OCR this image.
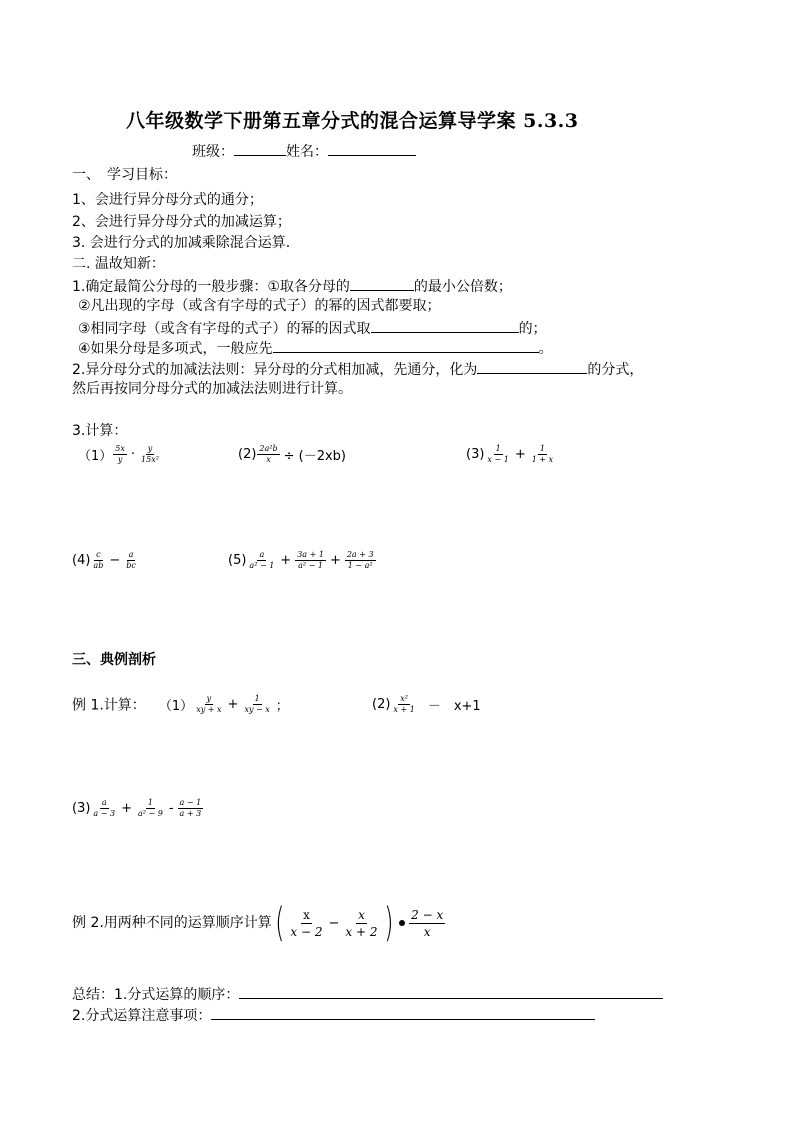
八年级数学下册第五章分式的混合运算导学案 5.3.3
班级：	姓名：
一、　学习目标：
1、会进行异分母分式的通分；
2、会进行异分母分式的加减运算；
3. 会进行分式的加减乘除混合运算.
二. 温故知新：
1.确定最简公分母的一般步骤：①取各分母的	的最小公倍数；
②凡出现的字母（或含有字母的式子）的幂的因式都要取；
③相同字母（或含有字母的式子）的幂的因式取	的；
④如果分母是多项式，一般应先	。
2.异分母分式的加减法法则：异分母的分式相加减，先通分，化为	的分式，
然后再按同分母分式的加减法法则进行计算。
3.计算：
$(1) \frac{5x}{y} \cdot \frac{y}{\text{15x²}}$	$(2) \frac{\text{2a²b}}{x} \div (-2xb)$	$(3) \frac{1}{x - 1} + \frac{1}{1 + x}$
$(4) \frac{c}{ab} - \frac{a}{bc}$	$(5) \frac{a}{\text{a² − 1}} + \frac{3a + 1}{\text{a² − 1}} + \frac{2a + 3}{\text{1 − a²}}$
三、典例剖析
例 1.计算： $(1) \frac{y}{xy + x} + \frac{1}{xy - x}$ ；	$(2) \frac{\text{x²}}{x + 1}$ －　x+1
$(3) \frac{a}{a - 3} + \frac{1}{\text{a² − 9}} - \frac{a - 1}{a + 3}$
例 2.用两种不同的运算顺序计算 ( $\frac{x}{x - 2} - \frac{x}{x + 2}$ ) $\frac{2 - x}{x}$
总结：1.分式运算的顺序：
2.分式运算注意事项：
